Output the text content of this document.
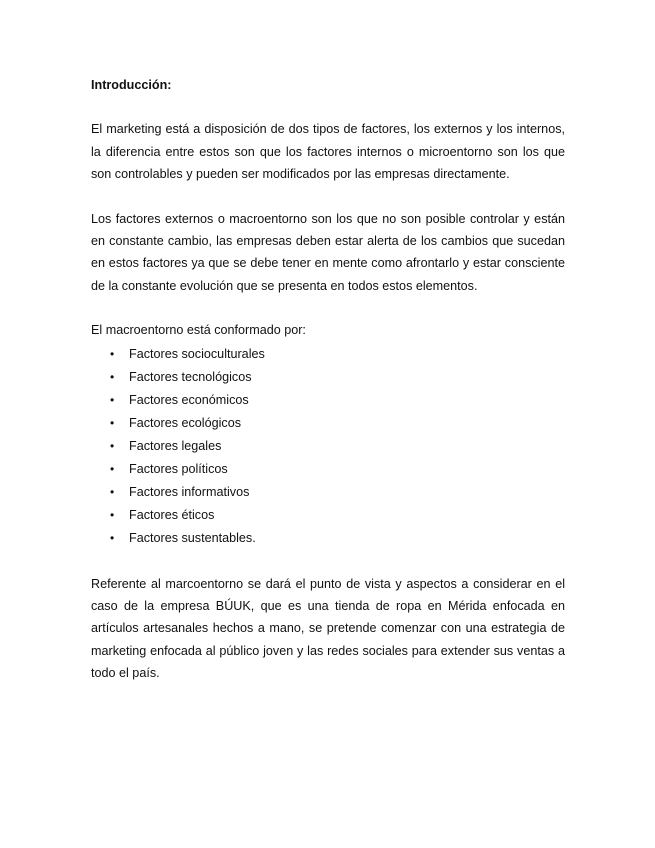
Introducción:

El marketing está a disposición de dos tipos de factores, los externos y los internos, la diferencia entre estos son que los factores internos o microentorno son los que son controlables y pueden ser modificados por las empresas directamente.

Los factores externos o macroentorno son los que no son posible controlar y están en constante cambio, las empresas deben estar alerta de los cambios que sucedan en estos factores ya que se debe tener en mente como afrontarlo y estar consciente de la constante evolución que se presenta en todos estos elementos.

El macroentorno está conformado por:

• Factores socioculturales
• Factores tecnológicos
• Factores económicos
• Factores ecológicos
• Factores legales
• Factores políticos
• Factores informativos
• Factores éticos
• Factores sustentables.

Referente al marcoentorno se dará el punto de vista y aspectos a considerar en el caso de la empresa BÚUK, que es una tienda de ropa en Mérida enfocada en artículos artesanales hechos a mano, se pretende comenzar con una estrategia de marketing enfocada al público joven y las redes sociales para extender sus ventas a todo el país.
